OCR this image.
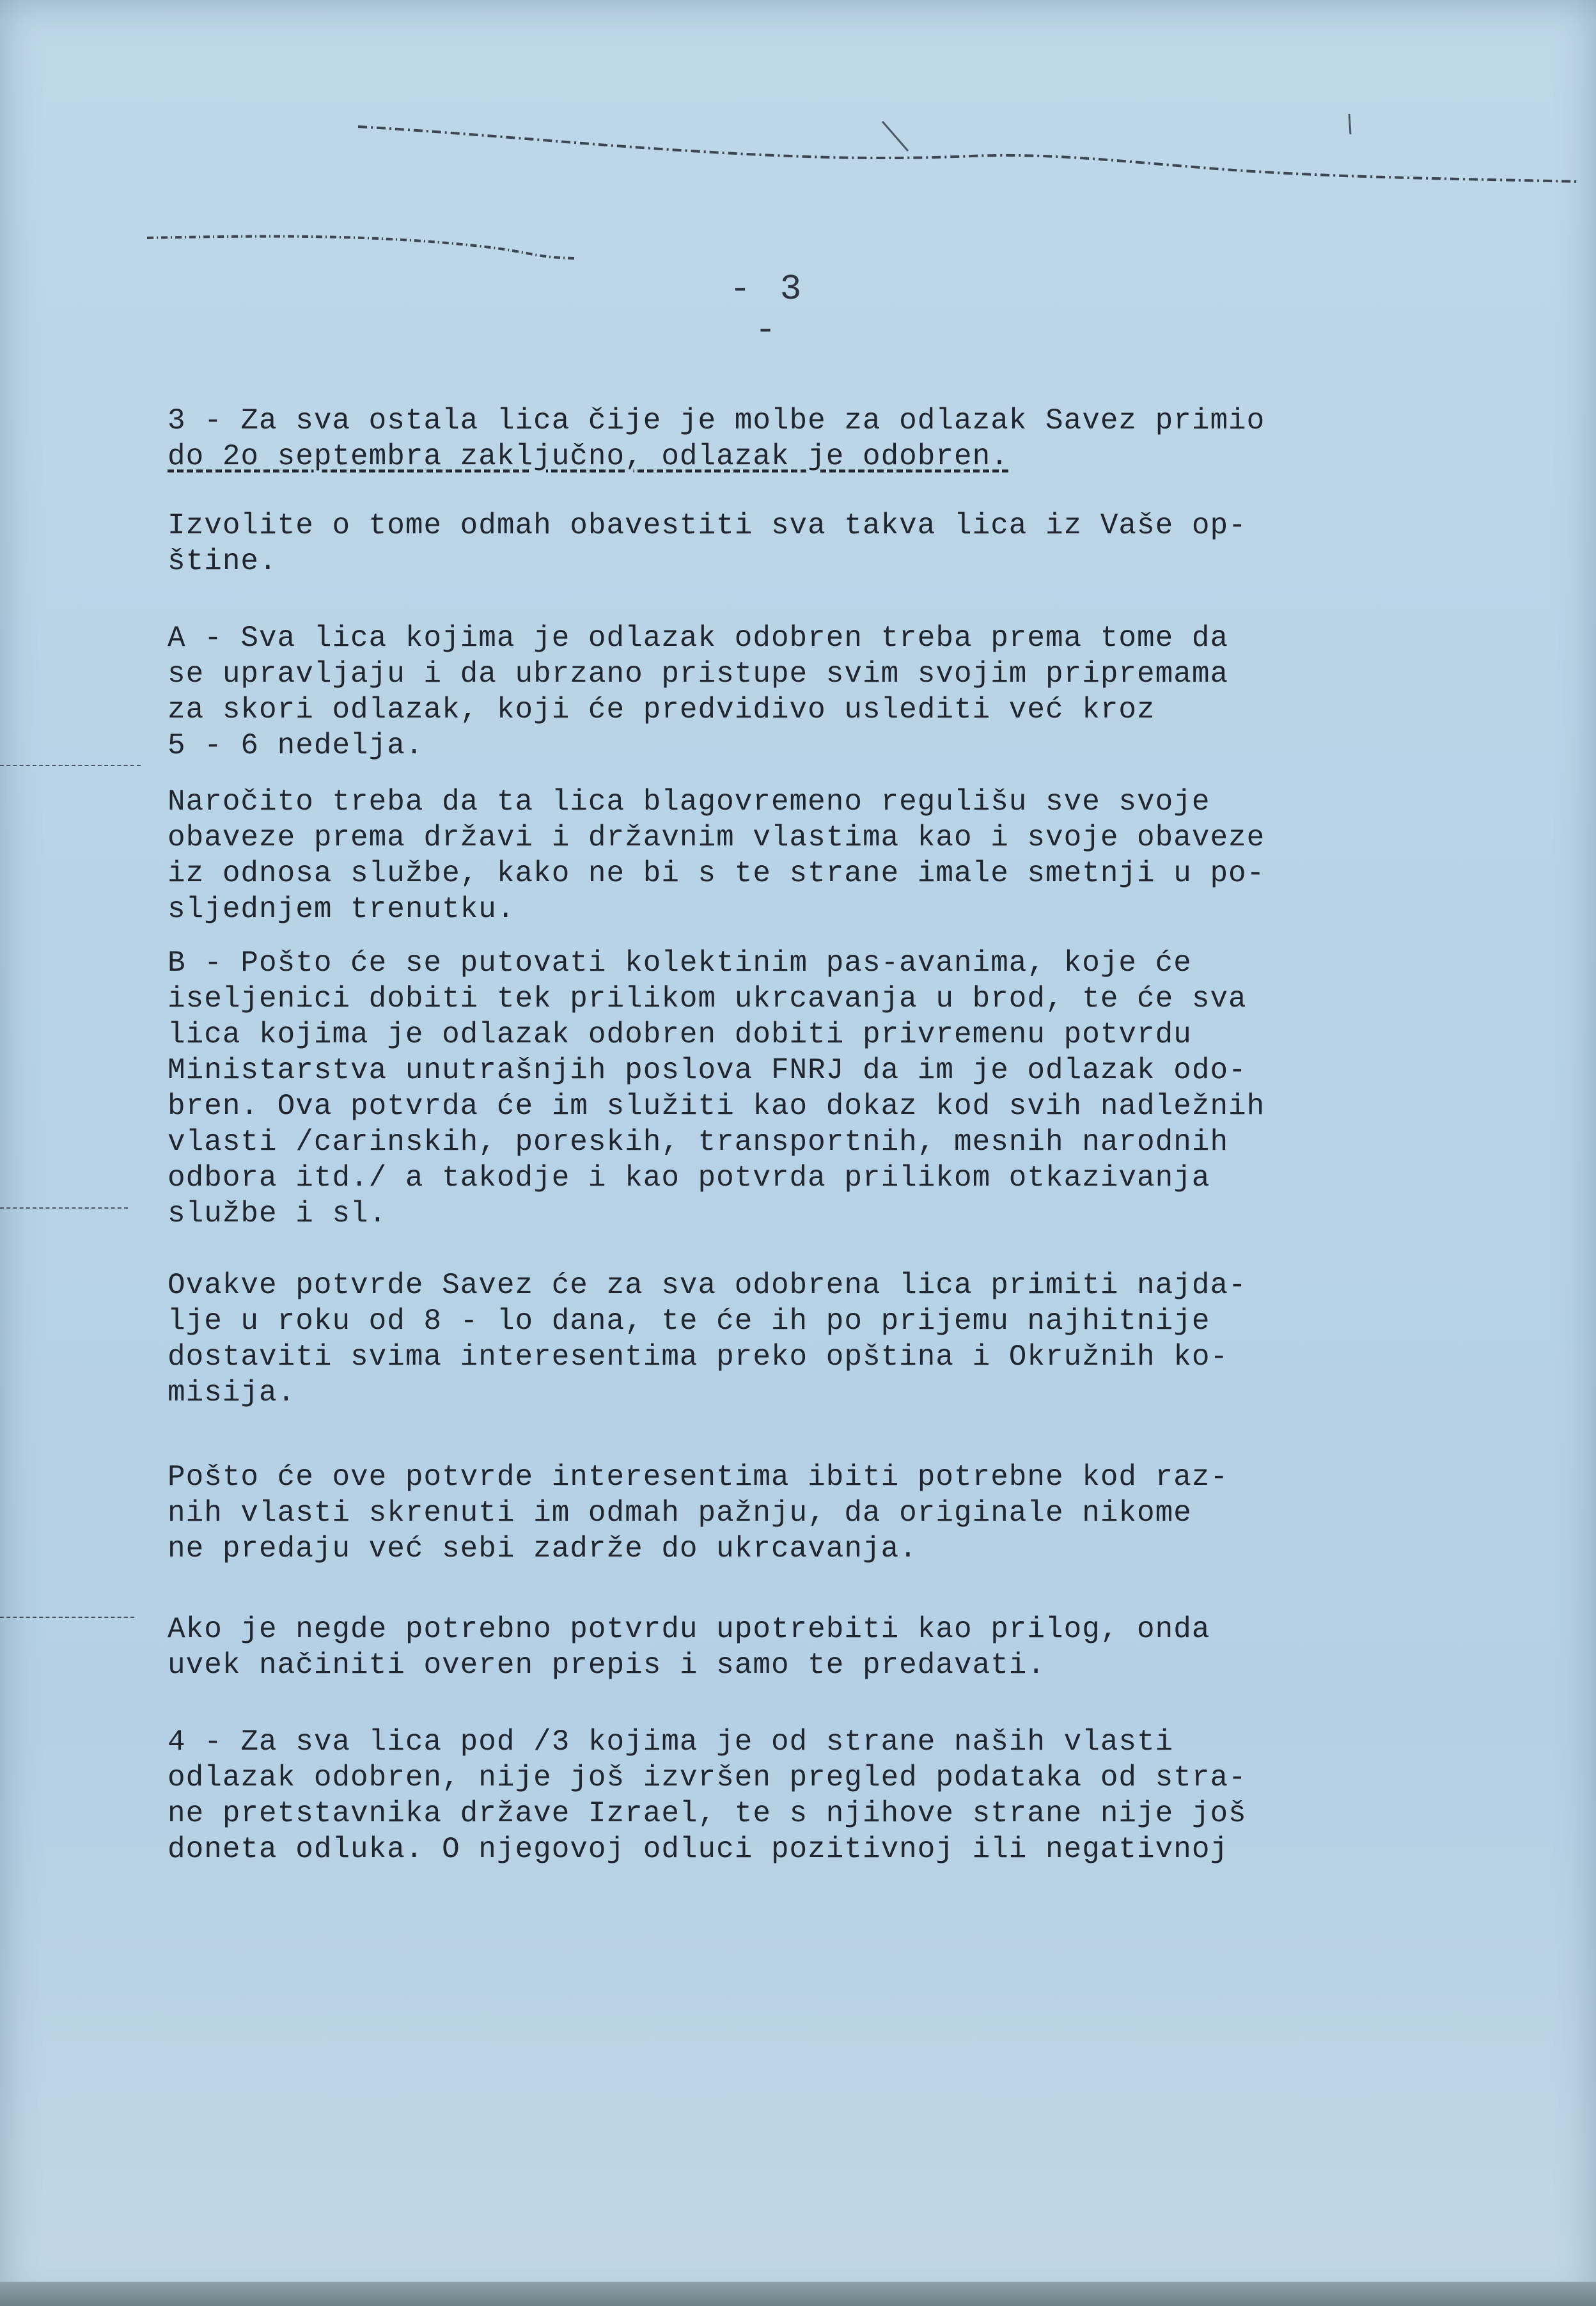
- 3 -
3 - Za sva ostala lica čije je molbe za odlazak Savez primio
do 2o septembra zaključno, odlazak je odobren.
Izvolite o tome odmah obavestiti sva takva lica iz Vaše op-
štine.
A - Sva lica kojima je odlazak odobren treba prema tome da
se upravljaju i da ubrzano pristupe svim svojim pripremama
za skori odlazak, koji će predvidivo uslediti već kroz
5 - 6 nedelja.
Naročito treba da ta lica blagovremeno regulišu sve svoje
obaveze prema državi i državnim vlastima kao i svoje obaveze
iz odnosa službe, kako ne bi s te strane imale smetnji u po-
sljednjem trenutku.
B - Pošto će se putovati kolektinim pas-avanima, koje će
iseljenici dobiti tek prilikom ukrcavanja u brod, te će sva
lica kojima je odlazak odobren dobiti privremenu potvrdu
Ministarstva unutrašnjih poslova FNRJ da im je odlazak odo-
bren. Ova potvrda će im služiti kao dokaz kod svih nadležnih
vlasti /carinskih, poreskih, transportnih, mesnih narodnih
odbora itd./ a takodje i kao potvrda prilikom otkazivanja
službe i sl.
Ovakve potvrde Savez će za sva odobrena lica primiti najda-
lje u roku od 8 - lo dana, te će ih po prijemu najhitnije
dostaviti svima interesentima preko opština i Okružnih ko-
misija.
Pošto će ove potvrde interesentima ibiti potrebne kod raz-
nih vlasti skrenuti im odmah pažnju, da originale nikome
ne predaju već sebi zadrže do ukrcavanja.
Ako je negde potrebno potvrdu upotrebiti kao prilog, onda
uvek načiniti overen prepis i samo te predavati.
4 - Za sva lica pod /3 kojima je od strane naših vlasti
odlazak odobren, nije još izvršen pregled podataka od stra-
ne pretstavnika države Izrael, te s njihove strane nije još
doneta odluka. O njegovoj odluci pozitivnoj ili negativnoj
